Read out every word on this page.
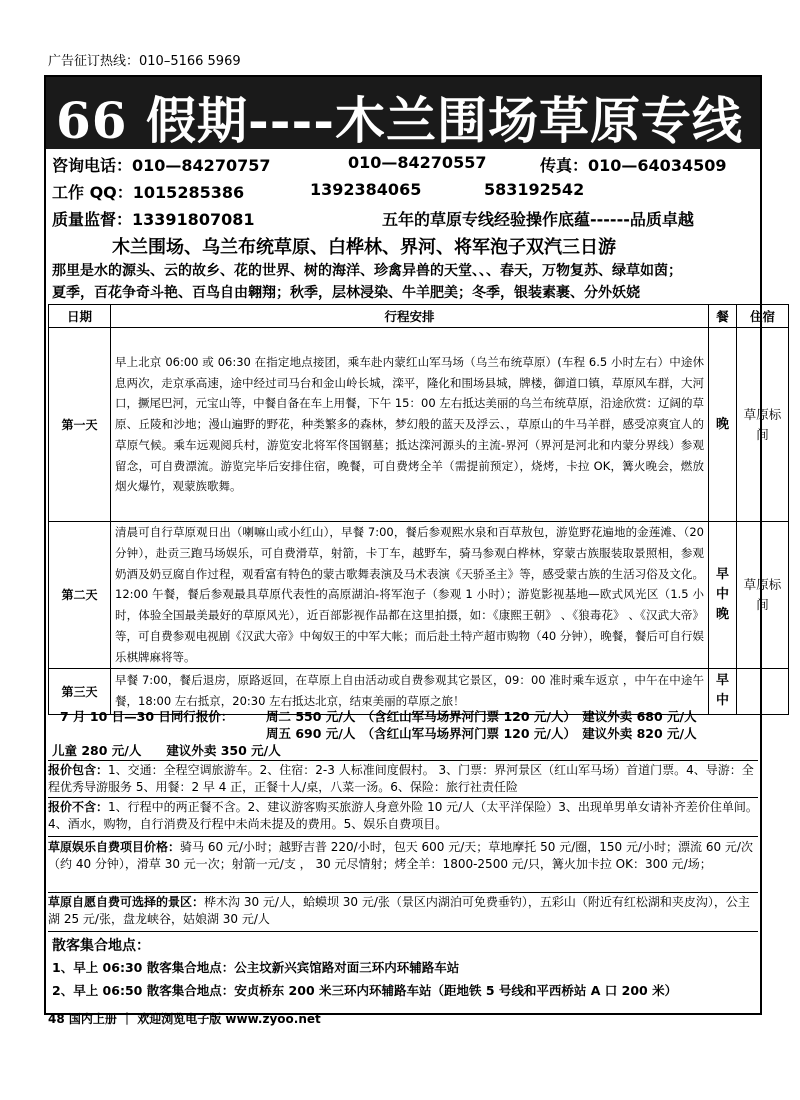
广告征订热线：010–5166 5969
66 假期----木兰围场草原专线
咨询电话：010—84270757	010—84270557	传真：010—64034509
工作 QQ：1015285386	1392384065	583192542
质量监督：13391807081	五年的草原专线经验操作底蕴------品质卓越
木兰围场、乌兰布统草原、白桦林、界河、将军泡子双汽三日游
那里是水的源头、云的故乡、花的世界、树的海洋、珍禽异兽的天堂、、、春天，万物复苏、绿草如茵；
夏季，百花争奇斗艳、百鸟自由翱翔；秋季，层林浸染、牛羊肥美；冬季，银装素裹、分外妖娆
日期	行程安排	餐	住宿
第一天	早上北京 06:00 或 06:30 在指定地点接团，乘车赴内蒙红山军马场（乌兰布统草原）(车程 6.5 小时左右）中途休息两次，走京承高速，途中经过司马台和金山岭长城，滦平，隆化和围场县城，牌楼，御道口镇，草原风车群，大河口，撅尾巴河，元宝山等，中餐自备在车上用餐，下午 15：00 左右抵达美丽的乌兰布统草原，沿途欣赏：辽阔的草原、丘陵和沙地；漫山遍野的野花，种类繁多的森林，梦幻般的蓝天及浮云、，草原山的牛马羊群，感受凉爽宜人的草原气候。乘车远观阅兵村，游览安北将军佟国钢墓；抵达滦河源头的主流-界河（界河是河北和内蒙分界线）参观留念，可自费漂流。游览完毕后安排住宿，晚餐，可自费烤全羊（需提前预定），烧烤，卡拉 OK，篝火晚会，燃放烟火爆竹，观蒙族歌舞。	晚	草原标间
第二天	清晨可自行草原观日出（喇嘛山或小红山），早餐 7:00，餐后参观熙水泉和百草敖包，游览野花遍地的金莲滩、（20 分钟），赴贡三跑马场娱乐，可自费滑草，射箭，卡丁车，越野车，骑马参观白桦林，穿蒙古族服装取景照相，参观奶酒及奶豆腐自作过程，观看富有特色的蒙古歌舞表演及马术表演《天骄圣主》等，感受蒙古族的生活习俗及文化。12:00 午餐，餐后参观最具草原代表性的高原湖泊-将军泡子（参观 1 小时）；游览影视基地—欧式风光区（1.5 小时，体验全国最美最好的草原风光），近百部影视作品都在这里拍摄，如：《康熙王朝》 、《狼毒花》 、《汉武大帝》等，可自费参观电视剧《汉武大帝》中匈奴王的中军大帐；而后赴土特产超市购物（40 分钟），晚餐，餐后可自行娱乐棋牌麻将等。	早中晚	草原标间
第三天	早餐 7:00，餐后退房，原路返回，在草原上自由活动或自费参观其它景区，09：00 准时乘车返京 ，中午在中途午餐，18:00 左右抵京，20:30 左右抵达北京，结束美丽的草原之旅！	早中	
7 月 10 日—30 日同行报价：	周二 550 元/人　（含红山军马场界河门票 120 元/人）　建议外卖 680 元/人
周五 690 元/人　（含红山军马场界河门票 120 元/人）　建议外卖 820 元/人
儿童 280 元/人　　建议外卖 350 元/人
报价包含：1、交通：全程空调旅游车。2、住宿：2-3 人标准间度假村。 3、门票：界河景区（红山军马场）首道门票。4、导游：全程优秀导游服务 5、用餐：2 早 4 正，正餐十人/桌，八菜一汤。6、保险：旅行社责任险
报价不含：1、行程中的两正餐不含。2、建议游客购买旅游人身意外险 10 元/人（太平洋保险）3、出现单男单女请补齐差价住单间。4、酒水，购物，自行消费及行程中未尚未提及的费用。5、娱乐自费项目。
草原娱乐自费项目价格：骑马 60 元/小时；越野吉普 220/小时，包天 600 元/天；草地摩托 50 元/圈，150 元/小时；漂流 60 元/次（约 40 分钟），滑草 30 元一次；射箭一元/支 ， 30 元尽情射；烤全羊：1800-2500 元/只，篝火加卡拉 OK：300 元/场；
草原自愿自费可选择的景区：桦木沟 30 元/人，蛤蟆坝 30 元/张（景区内湖泊可免费垂钓），五彩山（附近有红松湖和夹皮沟），公主湖 25 元/张，盘龙峡谷，姑娘湖 30 元/人
散客集合地点：
1、早上 06:30 散客集合地点：公主坟新兴宾馆路对面三环内环辅路车站
2、早上 06:50 散客集合地点：安贞桥东 200 米三环内环辅路车站（距地铁 5 号线和平西桥站 A 口 200 米）
48 国内上册 ｜ 欢迎浏览电子版 www.zyoo.net
